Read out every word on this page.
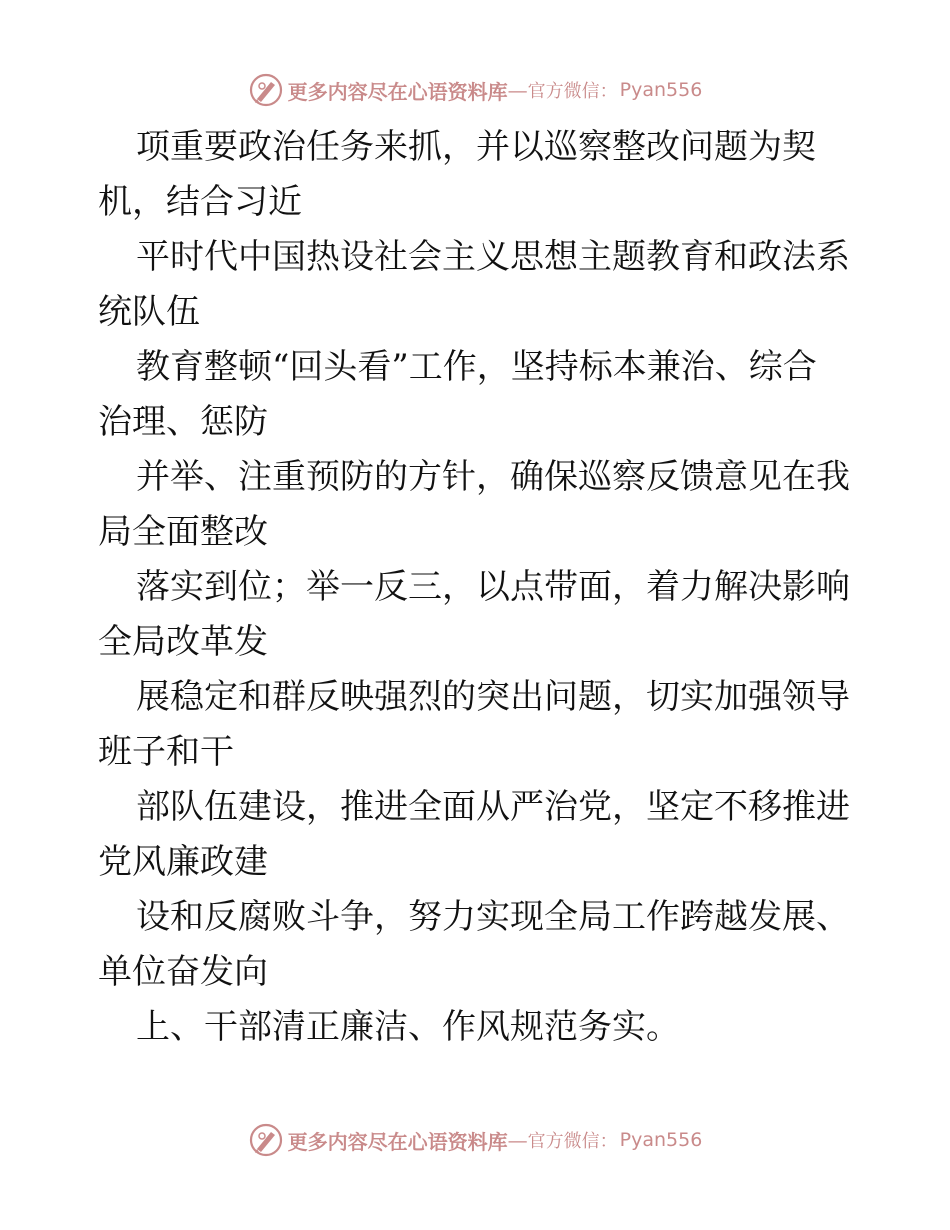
更多内容尽在心语资料库 — 官方微信： Pyan556
项重要政治任务来抓，并以巡察整改问题为契
机，结合习近
平时代中国热设社会主义思想主题教育和政法系
统队伍
教育整顿“回头看”工作，坚持标本兼治、综合
治理、惩防
并举、注重预防的方针，确保巡察反馈意见在我
局全面整改
落实到位；举一反三，以点带面，着力解决影响
全局改革发
展稳定和群反映强烈的突出问题，切实加强领导
班子和干
部队伍建设，推进全面从严治党，坚定不移推进
党风廉政建
设和反腐败斗争，努力实现全局工作跨越发展、
单位奋发向
上、干部清正廉洁、作风规范务实。
更多内容尽在心语资料库 — 官方微信： Pyan556
